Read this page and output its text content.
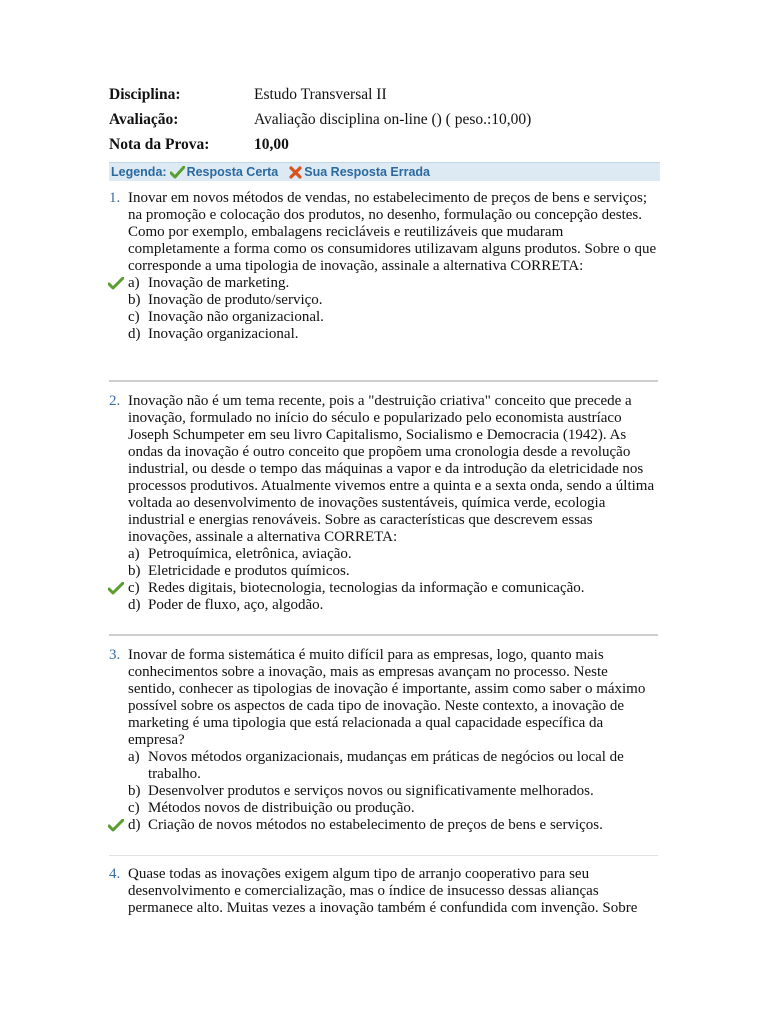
Disciplina:	Estudo Transversal II
Avaliação:	Avaliação disciplina on-line () ( peso.:10,00)
Nota da Prova:	10,00
Legenda: Resposta Certa Sua Resposta Errada
1. Inovar em novos métodos de vendas, no estabelecimento de preços de bens e serviços; na promoção e colocação dos produtos, no desenho, formulação ou concepção destes. Como por exemplo, embalagens recicláveis e reutilizáveis que mudaram completamente a forma como os consumidores utilizavam alguns produtos. Sobre o que corresponde a uma tipologia de inovação, assinale a alternativa CORRETA:
a) Inovação de marketing.
b) Inovação de produto/serviço.
c) Inovação não organizacional.
d) Inovação organizacional.
2. Inovação não é um tema recente, pois a "destruição criativa" conceito que precede a inovação, formulado no início do século e popularizado pelo economista austríaco Joseph Schumpeter em seu livro Capitalismo, Socialismo e Democracia (1942). As ondas da inovação é outro conceito que propõem uma cronologia desde a revolução industrial, ou desde o tempo das máquinas a vapor e da introdução da eletricidade nos processos produtivos. Atualmente vivemos entre a quinta e a sexta onda, sendo a última voltada ao desenvolvimento de inovações sustentáveis, química verde, ecologia industrial e energias renováveis. Sobre as características que descrevem essas inovações, assinale a alternativa CORRETA:
a) Petroquímica, eletrônica, aviação.
b) Eletricidade e produtos químicos.
c) Redes digitais, biotecnologia, tecnologias da informação e comunicação.
d) Poder de fluxo, aço, algodão.
3. Inovar de forma sistemática é muito difícil para as empresas, logo, quanto mais conhecimentos sobre a inovação, mais as empresas avançam no processo. Neste sentido, conhecer as tipologias de inovação é importante, assim como saber o máximo possível sobre os aspectos de cada tipo de inovação. Neste contexto, a inovação de marketing é uma tipologia que está relacionada a qual capacidade específica da empresa?
a) Novos métodos organizacionais, mudanças em práticas de negócios ou local de trabalho.
b) Desenvolver produtos e serviços novos ou significativamente melhorados.
c) Métodos novos de distribuição ou produção.
d) Criação de novos métodos no estabelecimento de preços de bens e serviços.
4. Quase todas as inovações exigem algum tipo de arranjo cooperativo para seu desenvolvimento e comercialização, mas o índice de insucesso dessas alianças permanece alto. Muitas vezes a inovação também é confundida com invenção. Sobre
